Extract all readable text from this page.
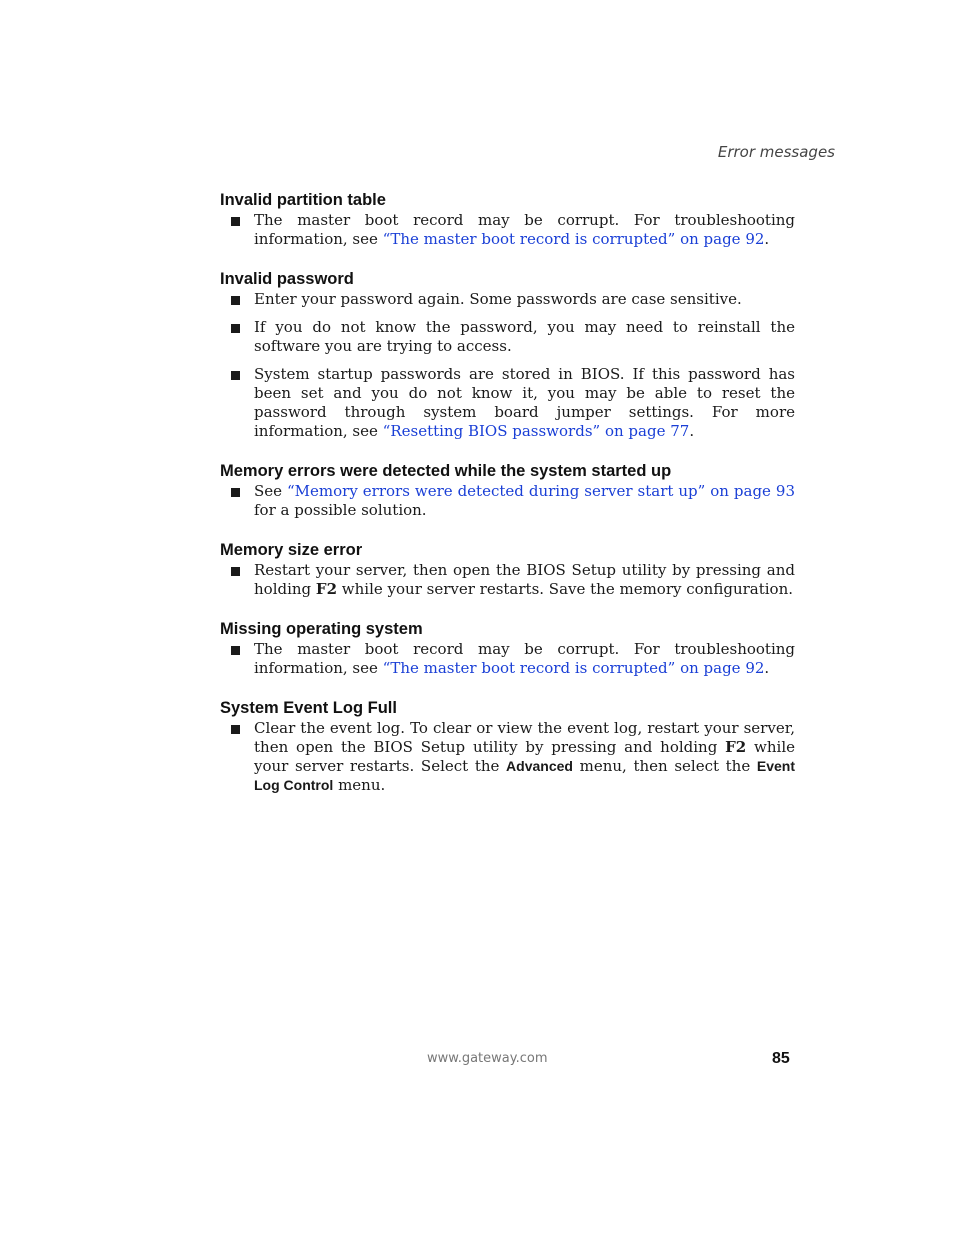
Error messages
Invalid partition table
The master boot record may be corrupt. For troubleshooting information, see “The master boot record is corrupted” on page 92.
Invalid password
Enter your password again. Some passwords are case sensitive.
If you do not know the password, you may need to reinstall the software you are trying to access.
System startup passwords are stored in BIOS. If this password has been set and you do not know it, you may be able to reset the password through system board jumper settings. For more information, see “Resetting BIOS passwords” on page 77.
Memory errors were detected while the system started up
See “Memory errors were detected during server start up” on page 93 for a possible solution.
Memory size error
Restart your server, then open the BIOS Setup utility by pressing and holding F2 while your server restarts. Save the memory configuration.
Missing operating system
The master boot record may be corrupt. For troubleshooting information, see “The master boot record is corrupted” on page 92.
System Event Log Full
Clear the event log. To clear or view the event log, restart your server, then open the BIOS Setup utility by pressing and holding F2 while your server restarts. Select the Advanced menu, then select the Event Log Control menu.
www.gateway.com	85
